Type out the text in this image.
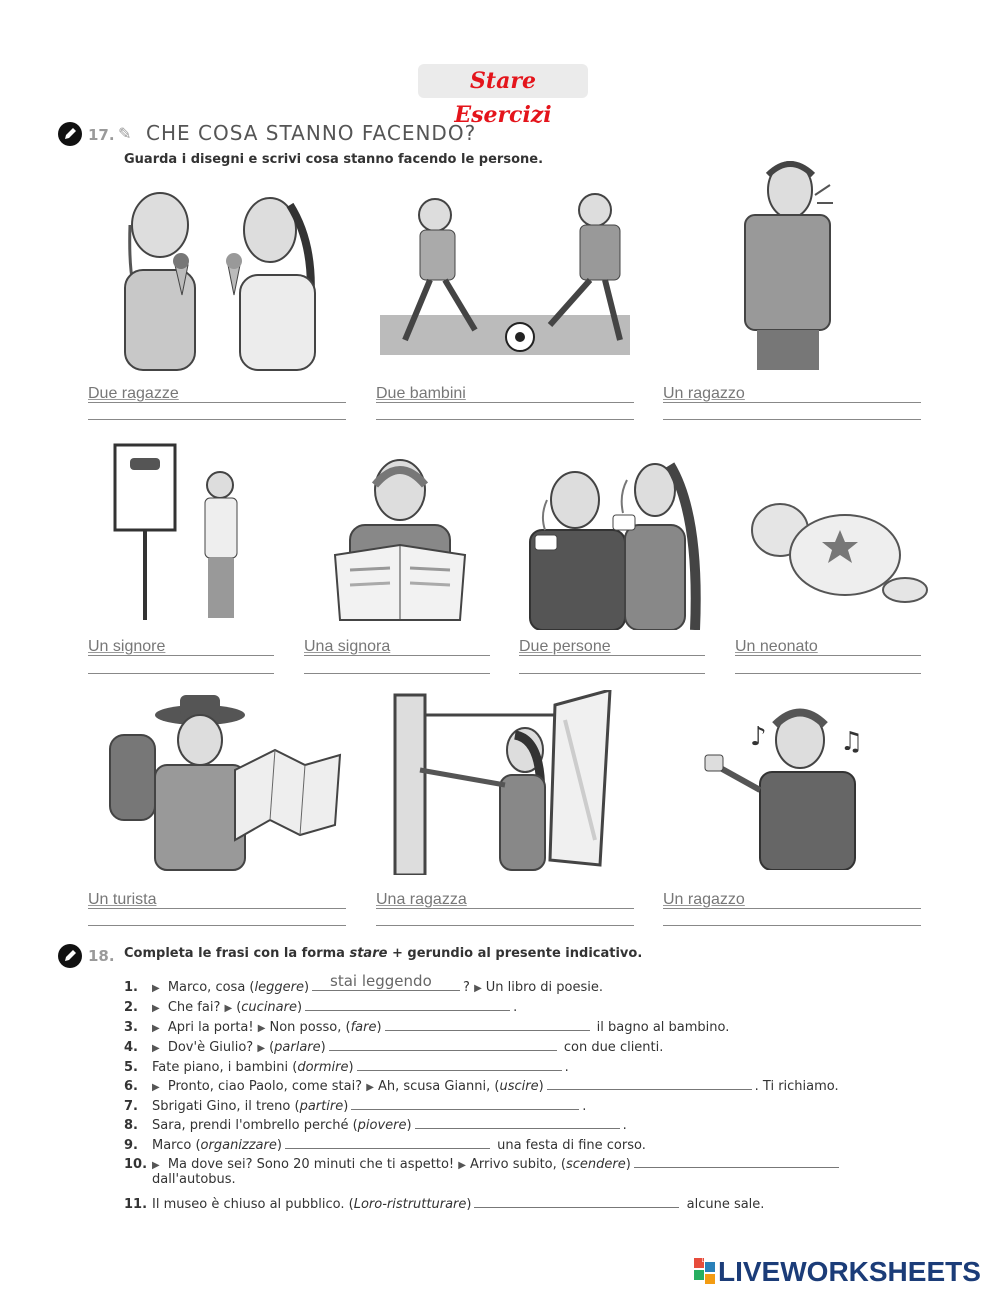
Stare Esercizi
17. ✎ CHE COSA STANNO FACENDO?
Guarda i disegni e scrivi cosa stanno facendo le persone.
Due ragazze	Due bambini	Un ragazzo
Un signore	Una signora	Due persone	Un neonato
♪	♫
Un turista	Una ragazza	Un ragazzo
18. Completa le frasi con la forma stare + gerundio al presente indicativo.
1.	▶
Marco, cosa ( leggere ) stai leggendo ?
▶ Un libro di poesie.
2.	▶
Che fai?
▶ ( cucinare )	.
3.	▶
Apri la porta!
▶ Non posso, ( fare )
	il bagno al bambino.
4.	▶
Dov'è Giulio?
▶ ( parlare )
	con due clienti.
5.	Fate piano, i bambini ( dormire )	.
6.	▶
Pronto, ciao Paolo, come stai?
▶ Ah, scusa Gianni, ( uscire )	. Ti richiamo.
7.	Sbrigati Gino, il treno ( partire )	.
8.	Sara, prendi l'ombrello perché ( piovere )	.
9.	Marco ( organizzare )
	una festa di fine corso.
10. ▶
Ma dove sei? Sono 20 minuti che ti aspetto!
▶ Arrivo subito, ( scendere )
dall'autobus.
11. Il museo è chiuso al pubblico. ( Loro-ristrutturare )
	alcune sale.
LIVE LIVEWORKSHEETS
